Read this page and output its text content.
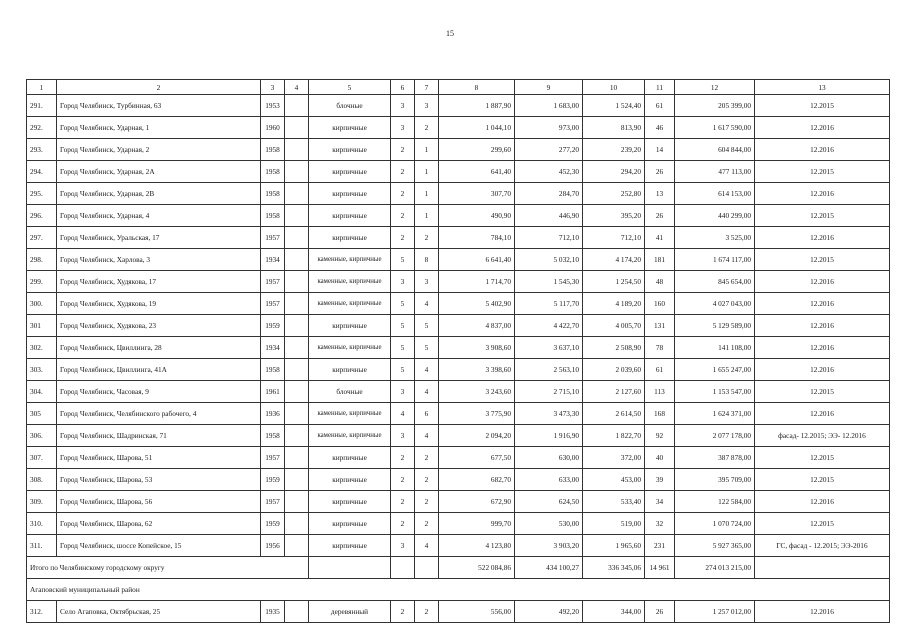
15
1	2	3	4	5	6	7	8	9	10	11	12	13
291.	Город Челябинск, Турбинная, 63	1953		блочные	3	3	1 887,90	1 683,00	1 524,40	61	205 399,00	12.2015
292.	Город Челябинск, Ударная, 1	1960		кирпичные	3	2	1 044,10	973,00	813,90	46	1 617 590,00	12.2016
293.	Город Челябинск, Ударная, 2	1958		кирпичные	2	1	299,60	277,20	239,20	14	604 844,00	12.2016
294.	Город Челябинск, Ударная, 2А	1958		кирпичные	2	1	641,40	452,30	294,20	26	477 113,00	12.2015
295.	Город Челябинск, Ударная, 2В	1958		кирпичные	2	1	307,70	284,70	252,80	13	614 153,00	12.2016
296.	Город Челябинск, Ударная, 4	1958		кирпичные	2	1	490,90	446,90	395,20	26	440 299,00	12.2015
297.	Город Челябинск, Уральская, 17	1957		кирпичные	2	2	784,10	712,10	712,10	41	3 525,00	12.2016
298.	Город Челябинск, Харлова, 3	1934		каменные, кирпичные	5	8	6 641,40	5 032,10	4 174,20	181	1 674 117,00	12.2015
299.	Город Челябинск, Худякова, 17	1957		каменные, кирпичные	3	3	1 714,70	1 545,30	1 254,50	48	845 654,00	12.2016
300.	Город Челябинск, Худякова, 19	1957		каменные, кирпичные	5	4	5 402,90	5 117,70	4 189,20	160	4 027 043,00	12.2016
301	Город Челябинск, Худякова, 23	1959		кирпичные	5	5	4 837,00	4 422,70	4 005,70	131	5 129 589,00	12.2016
302.	Город Челябинск, Цвиллинга, 28	1934		каменные, кирпичные	5	5	3 908,60	3 637,10	2 508,90	78	141 108,00	12.2016
303.	Город Челябинск, Цвиллинга, 41А	1958		кирпичные	5	4	3 398,60	2 563,10	2 039,60	61	1 655 247,00	12.2016
304.	Город Челябинск, Часовая, 9	1961		блочные	3	4	3 243,60	2 715,10	2 127,60	113	1 153 547,00	12.2015
305	Город Челябинск, Челябинского рабочего, 4	1936		каменные, кирпичные	4	6	3 775,90	3 473,30	2 614,50	168	1 624 371,00	12.2016
306.	Город Челябинск, Шадринская, 71	1958		каменные, кирпичные	3	4	2 094,20	1 916,90	1 822,70	92	2 077 178,00	фасад- 12.2015; ЭЭ- 12.2016
307.	Город Челябинск, Шарова, 51	1957		кирпичные	2	2	677,50	630,00	372,00	40	387 878,00	12.2015
308.	Город Челябинск, Шарова, 53	1959		кирпичные	2	2	682,70	633,00	453,00	39	395 709,00	12.2015
309.	Город Челябинск, Шарова, 56	1957		кирпичные	2	2	672,90	624,50	533,40	34	122 584,00	12.2016
310.	Город Челябинск, Шарова, 62	1959		кирпичные	2	2	999,70	530,00	519,00	32	1 070 724,00	12.2015
311.	Город Челябинск, шоссе Копейское, 15	1956		кирпичные	3	4	4 123,80	3 903,20	1 965,60	231	5 927 365,00	ГС, фасад - 12.2015; ЭЭ-2016
Итого по Челябинскому городскому округу							522 084,86	434 100,27	336 345,06	14 961	274 013 215,00	
Агаповский муниципальный район												
312.	Село Агаповка, Октябрьская, 25	1935		деревянный	2	2	556,00	492,20	344,00	26	1 257 012,00	12.2016
